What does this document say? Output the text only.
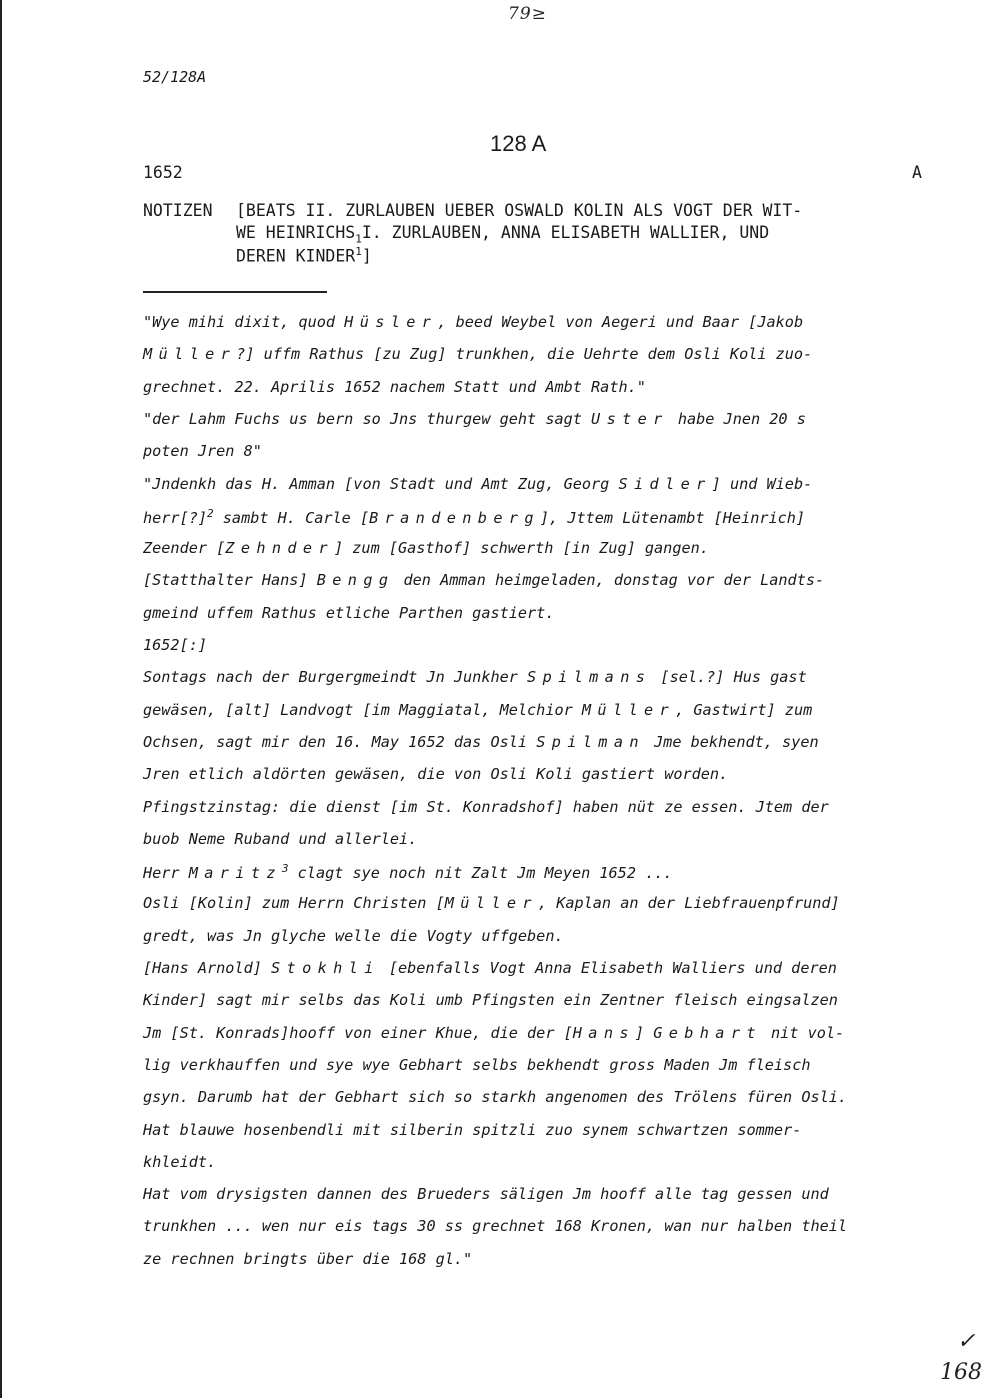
79≥
52/128A
128 A
1652	A
NOTIZEN [BEATS II. ZURLAUBEN UEBER OSWALD KOLIN ALS VOGT DER WIT-
WE $HEINRICHS_1I$. ZURLAUBEN, ANNA ELISABETH WALLIER, UND
DEREN KINDER$^1$]
"Wye mihi dixit, quod Hüsler, beed Weybel von Aegeri und Baar [Jakob
Müller?] uffm Rathus [zu Zug] trunkhen, die Uehrte dem Osli Koli zuo-
grechnet. 22. Aprilis 1652 nachem Statt und Ambt Rath."
"der Lahm Fuchs us bern so Jns thurgew geht sagt Uster habe Jnen 20 s
poten Jren 8"
"Jndenkh das H. Amman [von Stadt und Amt Zug, Georg Sidler] und Wieb-
herr[?]$^2$ sambt H. Carle [Brandenberg], Jttem Lütenambt [Heinrich]
Zeender [Zehnder] zum [Gasthof] schwerth [in Zug] gangen.
[Statthalter Hans] Bengg den Amman heimgeladen, donstag vor der Landts-
gmeind uffem Rathus etliche Parthen gastiert.
1652[:]
Sontags nach der Burgergmeindt Jn Junkher Spilmans [sel.?] Hus gast
gewäsen, [alt] Landvogt [im Maggiatal, Melchior Müller, Gastwirt] zum
Ochsen, sagt mir den 16. May 1652 das Osli Spilman Jme bekhendt, syen
Jren etlich aldörten gewäsen, die von Osli Koli gastiert worden.
Pfingstzinstag: die dienst [im St. Konradshof] haben nüt ze essen. Jtem der
buob Neme Ruband und allerlei.
Herr Maritz$^3$ clagt sye noch nit Zalt Jm Meyen 1652 ...
Osli [Kolin] zum Herrn Christen [Müller, Kaplan an der Liebfrauenpfrund]
gredt, was Jn glyche welle die Vogty uffgeben.
[Hans Arnold] Stokhli [ebenfalls Vogt Anna Elisabeth Walliers und deren
Kinder] sagt mir selbs das Koli umb Pfingsten ein Zentner fleisch eingsalzen
Jm [St. Konrads]hooff von einer Khue, die der [Hans] Gebhart nit vol-
lig verkhauffen und sye wye Gebhart selbs bekhendt gross Maden Jm fleisch
gsyn. Darumb hat der Gebhart sich so starkh angenomen des Trölens füren Osli.
Hat blauwe hosenbendli mit silberin spitzli zuo synem schwartzen sommer-
khleidt.
Hat vom drysigsten dannen des Brueders säligen Jm hooff alle tag gessen und
trunkhen ... wen nur eis tags 30 ss grechnet 168 Kronen, wan nur halben theil
ze rechnen bringts über die 168 gl."
✓
168
